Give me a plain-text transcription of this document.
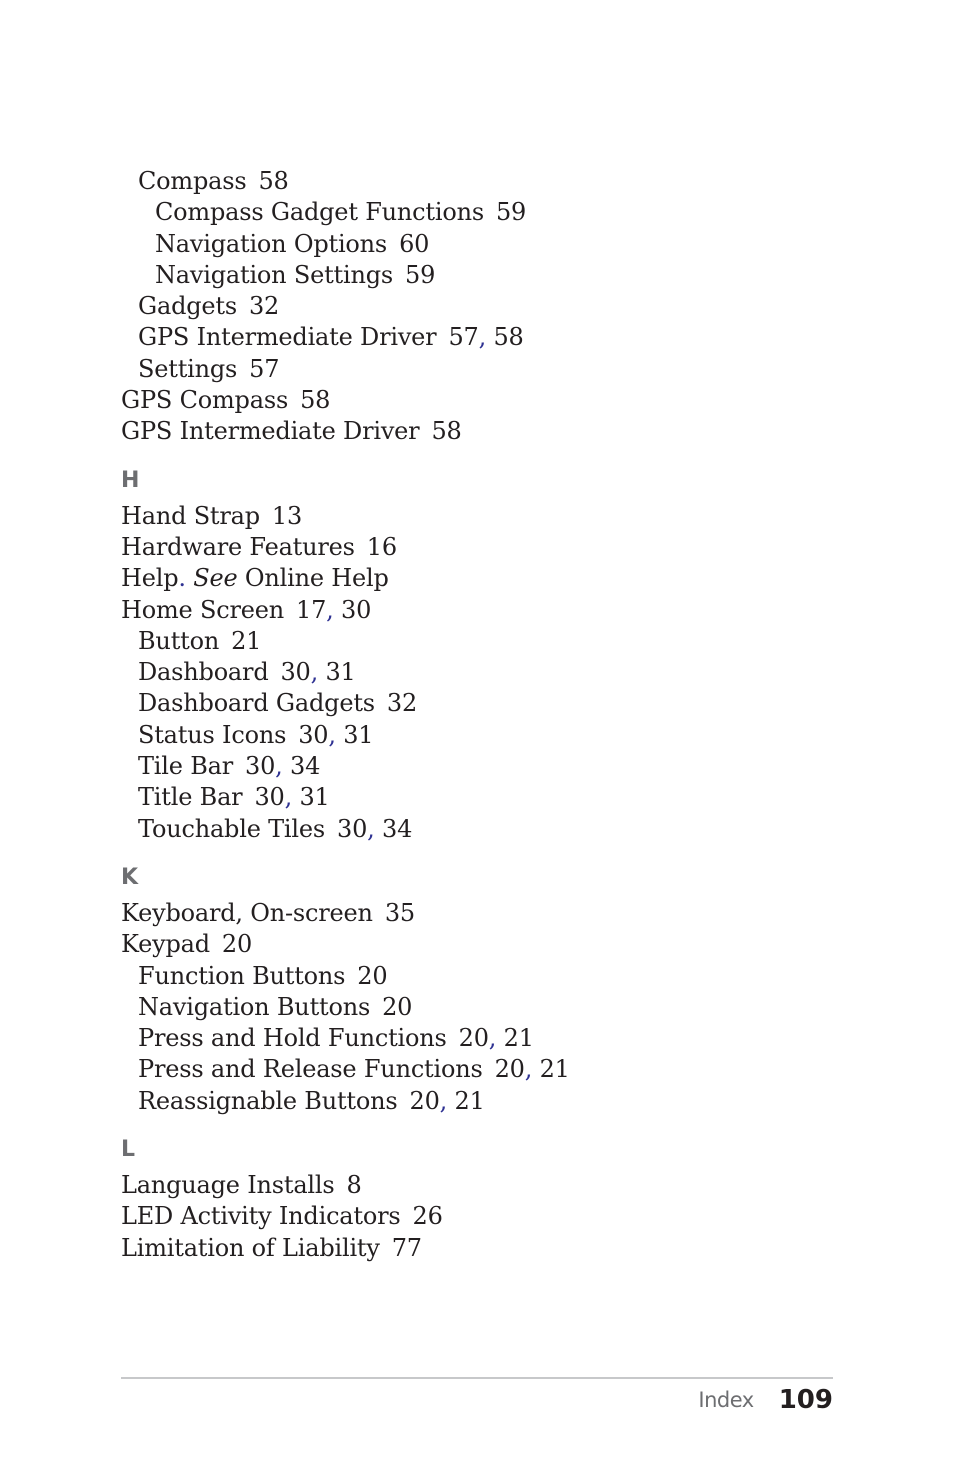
Compass 58
Compass Gadget Functions 59
Navigation Options 60
Navigation Settings 59
Gadgets 32
GPS Intermediate Driver 57, 58
Settings 57
GPS Compass 58
GPS Intermediate Driver 58
H
Hand Strap 13
Hardware Features 16
Help. See Online Help
Home Screen 17, 30
Button 21
Dashboard 30, 31
Dashboard Gadgets 32
Status Icons 30, 31
Tile Bar 30, 34
Title Bar 30, 31
Touchable Tiles 30, 34
K
Keyboard, On-screen 35
Keypad 20
Function Buttons 20
Navigation Buttons 20
Press and Hold Functions 20, 21
Press and Release Functions 20, 21
Reassignable Buttons 20, 21
L
Language Installs 8
LED Activity Indicators 26
Limitation of Liability 77
Index 109
